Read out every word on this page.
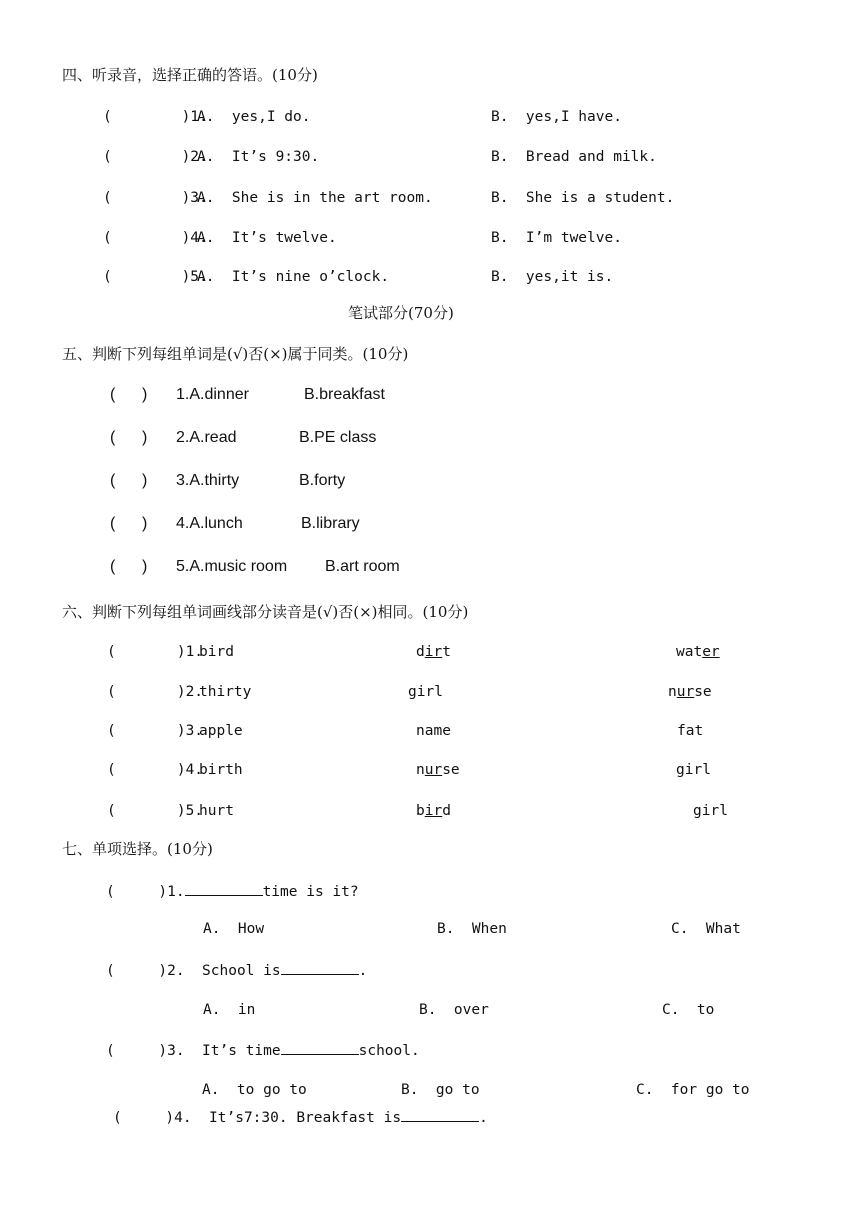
四、听录音，选择正确的答语。(10分)
(        )1.
A.  yes,I do.	B.  yes,I have.
(        )2.
A.  It’s 9:30.	B.  Bread and milk.
(        )3.
A.  She is in the art room.	B.  She is a student.
(        )4.
A.  It’s twelve.	B.  I’m twelve.
(        )5.
A.  It’s nine o’clock.	B.  yes,it is.
笔试部分(70分)
五、判断下列每组单词是(√)否(×)属于同类。(10分)
(      ) 1.A.dinner	B.breakfast
(      ) 2.A.read	B.PE class
(      ) 3.A.thirty	B.forty
(      ) 4.A.lunch	B.library
(      ) 5.A.music room B.art room
六、判断下列每组单词画线部分读音是(√)否(×)相同。(10分)
(       )1.
bird	dirt	water
(       )2.
thirty	girl	nurse
(       )3.
apple	name	fat
(       )4.
birth	nurse	girl
(       )5.
hurt	bird	girl
七、单项选择。(10分)
(     )1.	time is it?
A.  How	B.  When	C.  What
(     )2.  School is	.
A.  in	B.  over	C.  to
(     )3.  It’s time	school.
A.  to go to	B.  go to	C.  for go to
(     )4.  It’s7:30. Breakfast is	.
